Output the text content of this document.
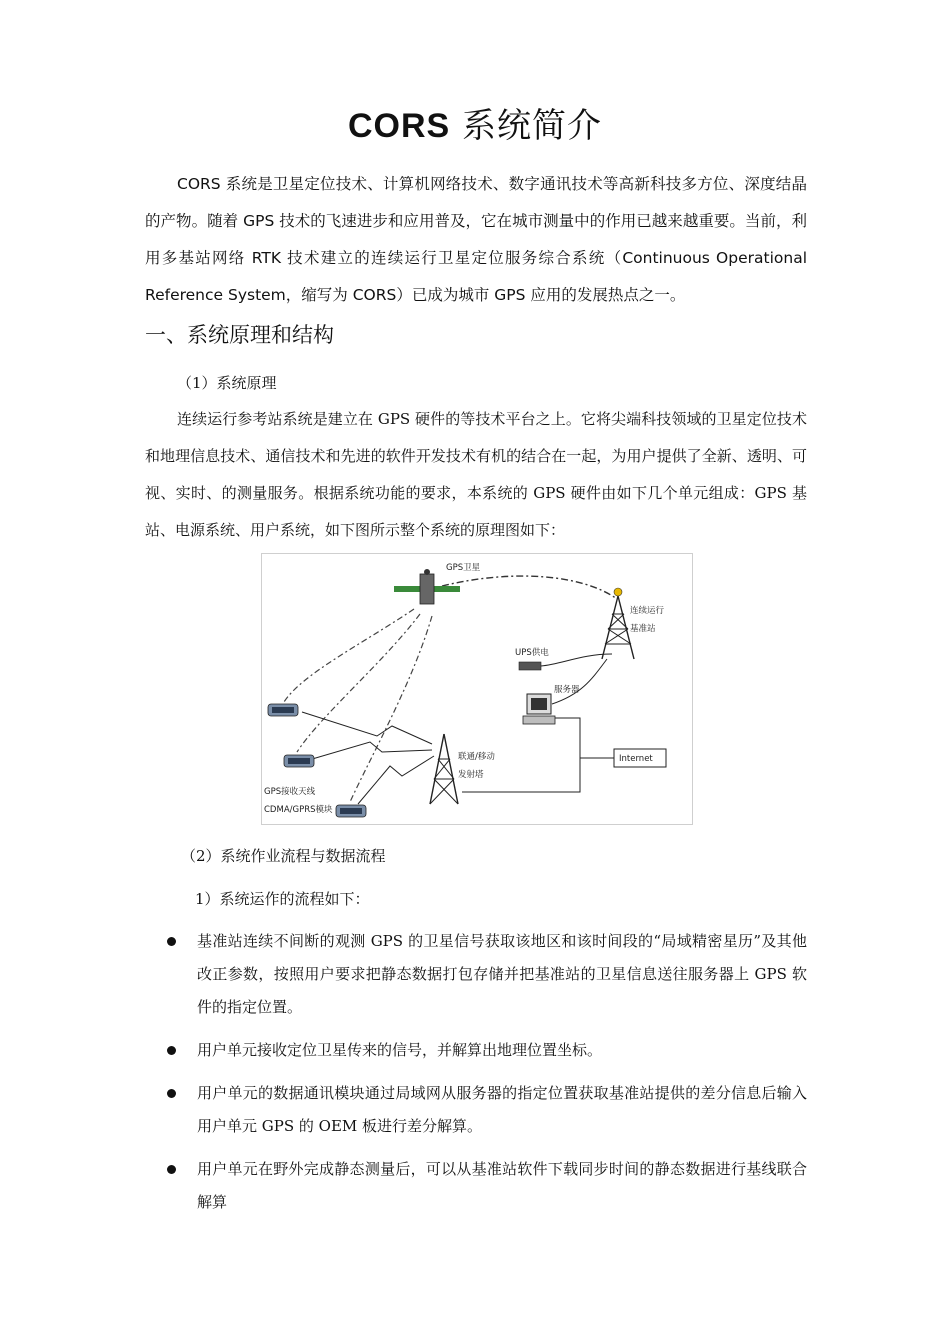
CORS 系统简介

CORS 系统是卫星定位技术、计算机网络技术、数字通讯技术等高新科技多方位、深度结晶的产物。随着 GPS 技术的飞速进步和应用普及，它在城市测量中的作用已越来越重要。当前，利用多基站网络 RTK 技术建立的连续运行卫星定位服务综合系统（Continuous Operational Reference System，缩写为 CORS）已成为城市 GPS 应用的发展热点之一。

一、系统原理和结构

（1）系统原理

连续运行参考站系统是建立在 GPS 硬件的等技术平台之上。它将尖端科技领域的卫星定位技术和地理信息技术、通信技术和先进的软件开发技术有机的结合在一起，为用户提供了全新、透明、可视、实时、的测量服务。根据系统功能的要求，本系统的 GPS 硬件由如下几个单元组成：GPS 基站、电源系统、用户系统，如下图所示整个系统的原理图如下：

GPS卫星
连续运行
基准站
UPS供电
服务器
Internet
联通/移动
发射塔
GPS接收天线
CDMA/GPRS模块

（2）系统作业流程与数据流程

1）系统运作的流程如下：

基准站连续不间断的观测 GPS 的卫星信号获取该地区和该时间段的“局域精密星历”及其他改正参数，按照用户要求把静态数据打包存储并把基准站的卫星信息送往服务器上 GPS 软件的指定位置。
用户单元接收定位卫星传来的信号，并解算出地理位置坐标。
用户单元的数据通讯模块通过局域网从服务器的指定位置获取基准站提供的差分信息后输入用户单元 GPS 的 OEM 板进行差分解算。
用户单元在野外完成静态测量后，可以从基准站软件下载同步时间的静态数据进行基线联合解算
